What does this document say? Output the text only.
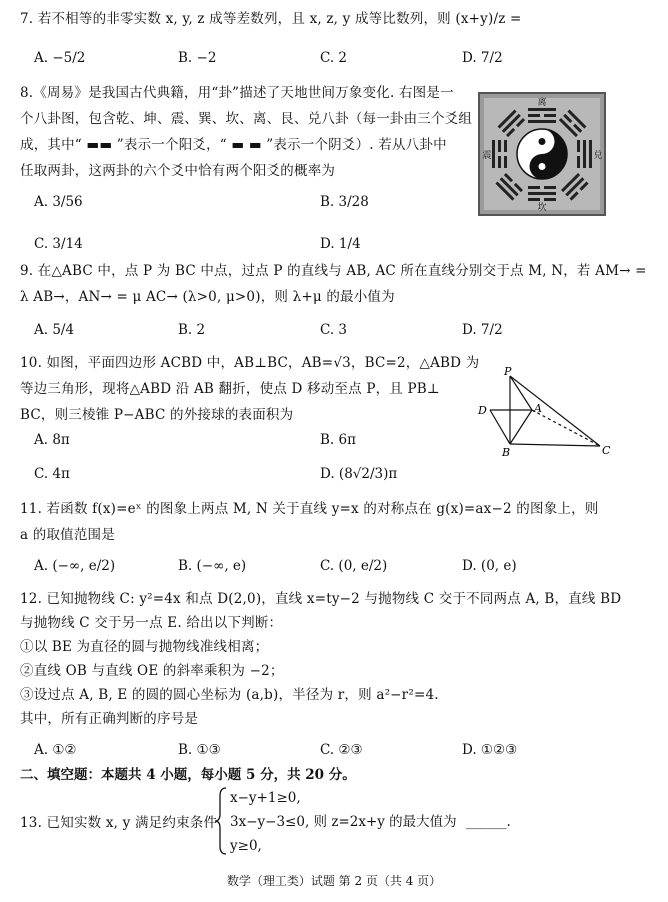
7. 若不相等的非零实数 x, y, z 成等差数列，且 x, z, y 成等比数列，则 (x+y)/z =
A. −5/2	B. −2	C. 2	D. 7/2
8.《周易》是我国古代典籍，用“卦”描述了天地世间万象变化. 右图是一
个八卦图，包含乾、坤、震、巽、坎、离、艮、兑八卦（每一卦由三个爻组
成，其中“ ▬▬ ”表示一个阳爻，“ ▬ ▬ ”表示一个阴爻）. 若从八卦中
任取两卦，这两卦的六个爻中恰有两个阳爻的概率为
A. 3/56	B. 3/28
C. 3/14	D. 1/4
离
坎
震	兑
9. 在△ABC 中，点 P 为 BC 中点，过点 P 的直线与 AB, AC 所在直线分别交于点 M, N，若 AM→ =
λ AB→，AN→ = μ AC→ (λ>0, μ>0)，则 λ+μ 的最小值为
A. 5/4	B. 2	C. 3	D. 7/2
10. 如图，平面四边形 ACBD 中，AB⊥BC，AB=√3，BC=2，△ABD 为
等边三角形，现将△ABD 沿 AB 翻折，使点 D 移动至点 P，且 PB⊥
BC，则三棱锥 P−ABC 的外接球的表面积为
A. 8π	B. 6π
C. 4π	D. (8√2/3)π
P
D	A
B	C
11. 若函数 f(x)=eˣ 的图象上两点 M, N 关于直线 y=x 的对称点在 g(x)=ax−2 的图象上，则
a 的取值范围是
A. (−∞, e/2)	B. (−∞, e)	C. (0, e/2)	D. (0, e)
12. 已知抛物线 C: y²=4x 和点 D(2,0)，直线 x=ty−2 与抛物线 C 交于不同两点 A, B，直线 BD
与抛物线 C 交于另一点 E. 给出以下判断：
①以 BE 为直径的圆与抛物线准线相离；
②直线 OB 与直线 OE 的斜率乘积为 −2；
③设过点 A, B, E 的圆的圆心坐标为 (a,b)，半径为 r，则 a²−r²=4.
其中，所有正确判断的序号是
A. ①②	B. ①③	C. ②③	D. ①②③
二、填空题：本题共 4 小题，每小题 5 分，共 20 分。
13. 已知实数 x, y 满足约束条件
x−y+1≥0,
3x−y−3≤0, 则 z=2x+y 的最大值为 ______.
y≥0,
数学（理工类）试题 第 2 页（共 4 页）
